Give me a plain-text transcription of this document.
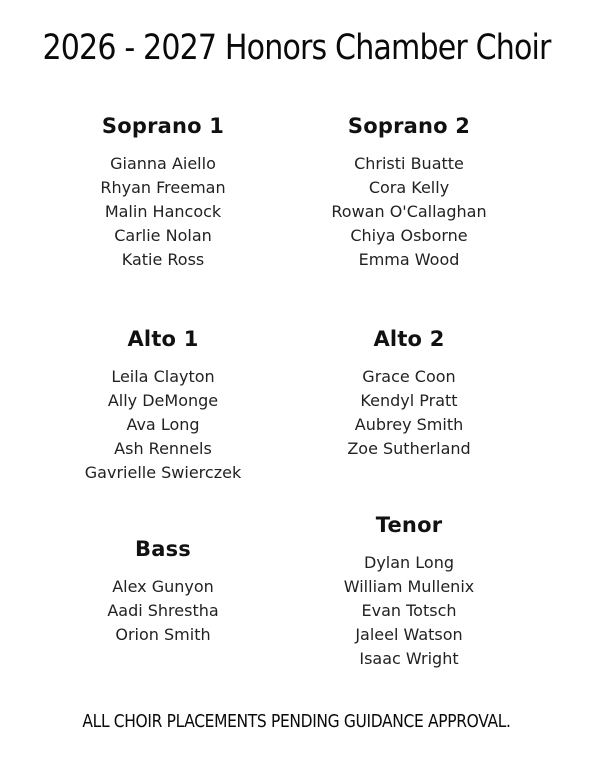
2026 - 2027 Honors Chamber Choir
Soprano 1
Gianna Aiello
Rhyan Freeman
Malin Hancock
Carlie Nolan
Katie Ross
Soprano 2
Christi Buatte
Cora Kelly
Rowan O'Callaghan
Chiya Osborne
Emma Wood
Alto 1
Leila Clayton
Ally DeMonge
Ava Long
Ash Rennels
Gavrielle Swierczek
Alto 2
Grace Coon
Kendyl Pratt
Aubrey Smith
Zoe Sutherland
Bass
Alex Gunyon
Aadi Shrestha
Orion Smith
Tenor
Dylan Long
William Mullenix
Evan Totsch
Jaleel Watson
Isaac Wright
ALL CHOIR PLACEMENTS PENDING GUIDANCE APPROVAL.
